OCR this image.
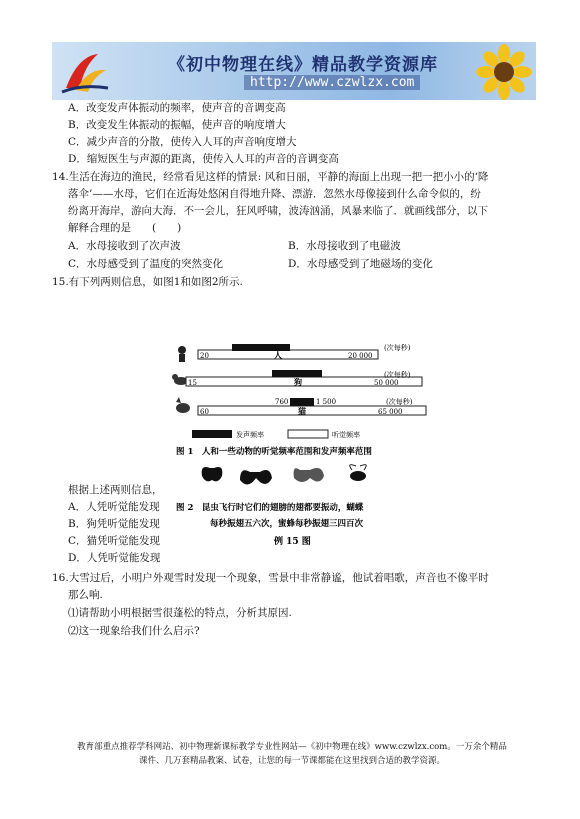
《初中物理在线》精品教学资源库
http://www.czwlzx.com
A．改变发声体振动的频率，使声音的音调变高
B．改变发生体振动的振幅，使声音的响度增大
C．减少声音的分散，使传入人耳的声音响度增大
D．缩短医生与声源的距离，使传入人耳的声音的音调变高
14.生活在海边的渔民，经常看见这样的情景: 风和日丽，平静的海面上出现一把一把小小的‘降
落伞’——水母，它们在近海处悠闲自得地升降、漂游．忽然水母像接到什么命令似的，纷
纷离开海岸，游向大海．不一会儿，狂风呼啸，波涛汹涌，风暴来临了．就画线部分，以下
解释合理的是　　(　　)
A．水母接收到了次声波	B．水母接收到了电磁波
C．水母感受到了温度的突然变化	D．水母感受到了地磁场的变化
15.有下列两则信息，如图1和如图2所示.
20	人	20 000
(次每秒)
15	狗	50 000
(次每秒)
760	1 500
60	猫	65 000
(次每秒)
发声频率	听觉频率
图 1　人和一些动物的听觉频率范围和发声频率范围
图 2　昆虫飞行时它们的翅膀的翅都要振动，蝴蝶
每秒振翅五六次，蜜蜂每秒振翅三四百次
例 15 图
根据上述两则信息，
A．人凭听觉能发现
B．狗凭听觉能发现
C．猫凭听觉能发现
D．人凭听觉能发现
16.大雪过后，小明户外观雪时发现一个现象，雪景中非常静谧，他试着唱歌，声音也不像平时
那么响.
⑴请帮助小明根据雪很蓬松的特点，分析其原因.
⑵这一现象给我们什么启示?
教育部重点推荐学科网站、初中物理新课标教学专业性网站—《初中物理在线》www.czwlzx.com。一万余个精品
课件、几万套精品教案、试卷，让您的每一节课都能在这里找到合适的教学资源。
